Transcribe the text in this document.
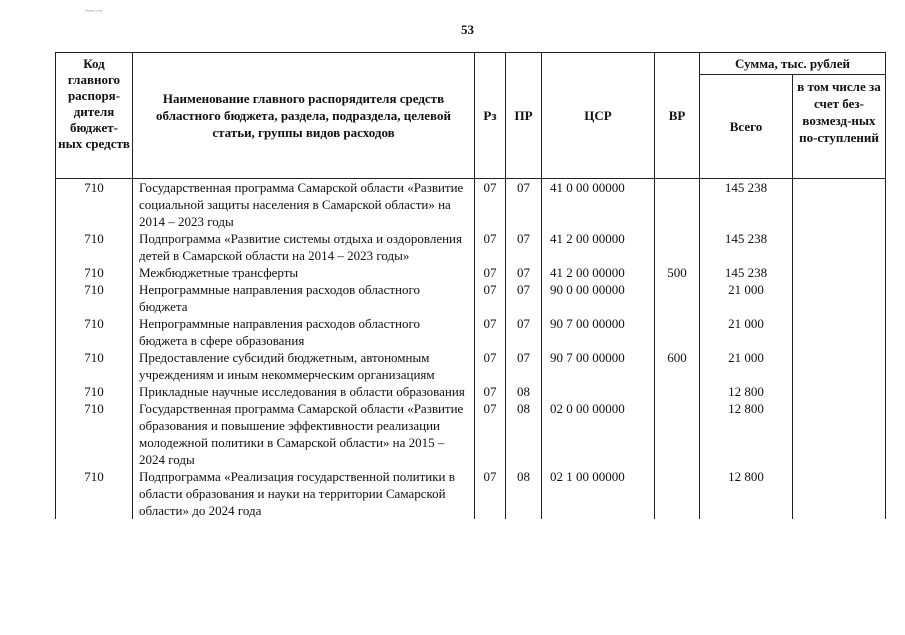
~~·~
53
Код главного распоря-дителя бюджет-ных средств	Наименование главного распорядителя средств областного бюджета, раздела, подраздела, целевой статьи, группы видов расходов	Рз	ПР	ЦСР	ВР	Сумма, тыс. рублей	
						Всего	в том числе за счет без-возмезд-ных по-ступлений
710	Государственная программа Самарской области «Развитие социальной защиты населения в Самарской области» на 2014 – 2023 годы	07	07	41 0 00 00000		145 238	
710	Подпрограмма «Развитие системы отдыха и оздоровления детей в Самарской области на 2014 – 2023 годы»	07	07	41 2 00 00000		145 238	
710	Межбюджетные трансферты	07	07	41 2 00 00000	500	145 238	
710	Непрограммные направления расходов областного бюджета	07	07	90 0 00 00000		21 000	
710	Непрограммные направления расходов областного бюджета в сфере образования	07	07	90 7 00 00000		21 000	
710	Предоставление субсидий бюджетным, автономным учреждениям и иным некоммерческим организациям	07	07	90 7 00 00000	600	21 000	
710	Прикладные научные исследования в области образования	07	08			12 800	
710	Государственная программа Самарской области «Развитие образования и повышение эффективности реализации молодежной политики в Самарской области» на 2015 – 2024 годы	07	08	02 0 00 00000		12 800	
710	Подпрограмма «Реализация государственной политики в области образования и науки на территории Самарской области» до 2024 года	07	08	02 1 00 00000		12 800	
